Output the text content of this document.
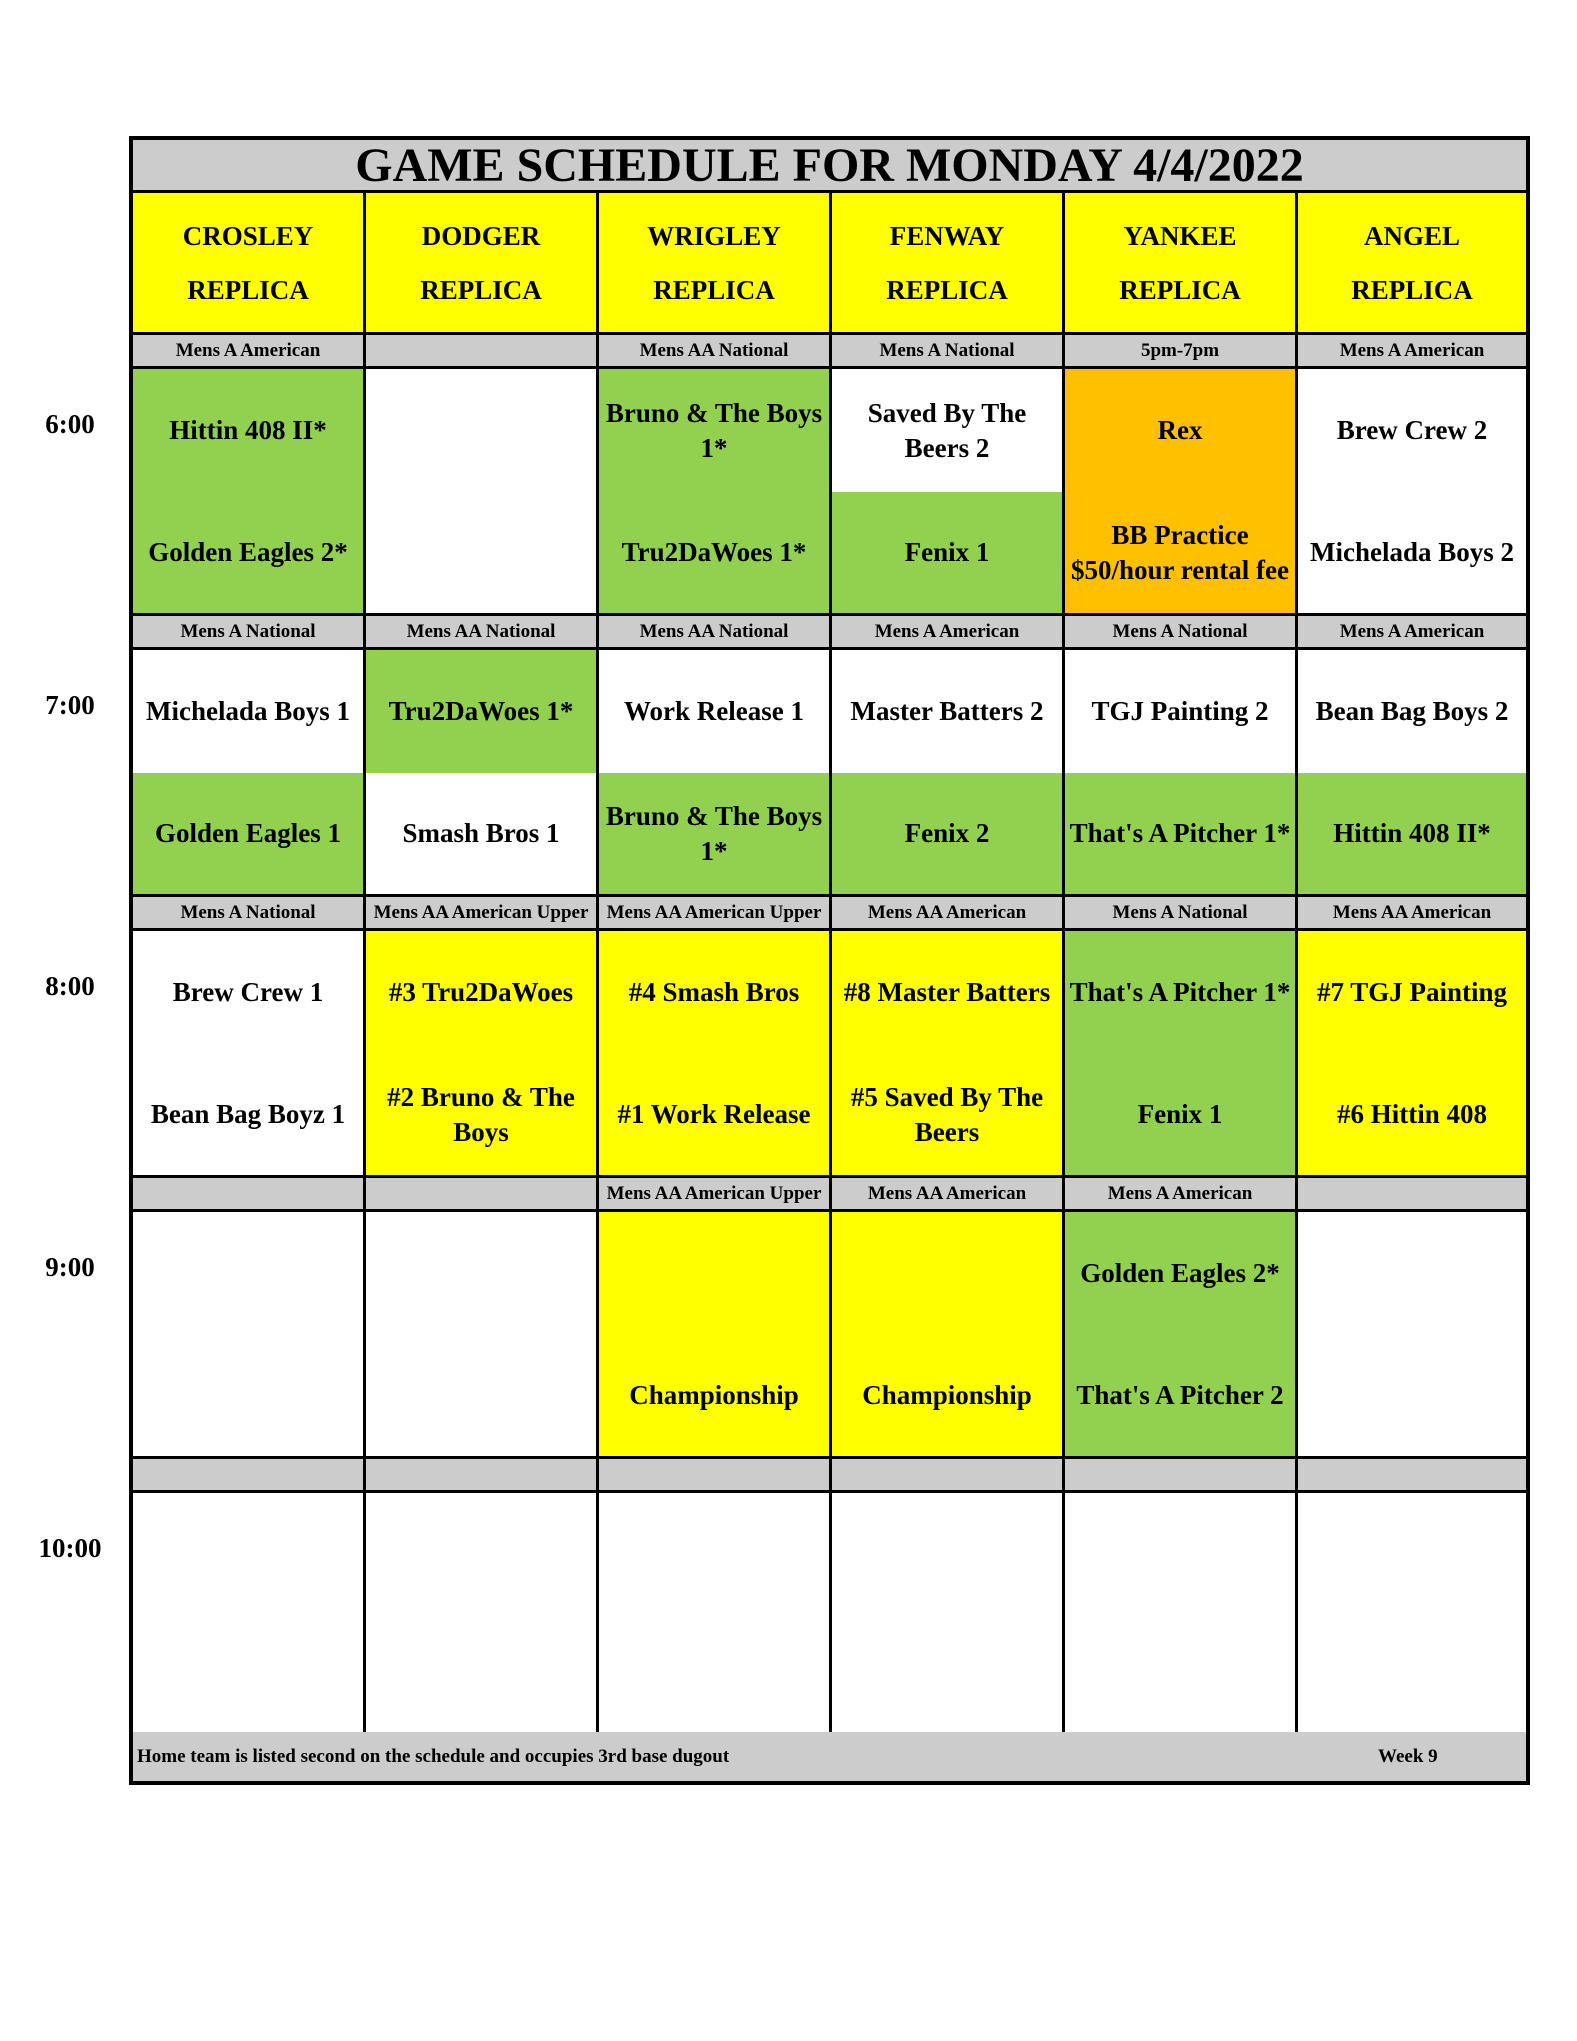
GAME SCHEDULE FOR MONDAY 4/4/2022
CROSLEY
REPLICA
DODGER
REPLICA
WRIGLEY
REPLICA
FENWAY
REPLICA
YANKEE
REPLICA
ANGEL
REPLICA
Mens A American
Hittin 408 II*
Golden Eagles 2*
Mens AA National
Bruno & The Boys 1*
Tru2DaWoes 1*
Mens A National
Saved By The Beers 2
Fenix 1
5pm-7pm
Rex
BB Practice $50/hour rental fee
Mens A American
Brew Crew 2
Michelada Boys 2
Mens A National
Michelada Boys 1
Golden Eagles 1
Mens AA National
Tru2DaWoes 1*
Smash Bros 1
Mens AA National
Work Release 1
Bruno & The Boys 1*
Mens A American
Master Batters 2
Fenix 2
Mens A National
TGJ Painting 2
That's A Pitcher 1*
Mens A American
Bean Bag Boys 2
Hittin 408 II*
Mens A National
Brew Crew 1
Bean Bag Boyz 1
Mens AA American Upper
#3 Tru2DaWoes
#2 Bruno & The Boys
Mens AA American Upper
#4 Smash Bros
#1 Work Release
Mens AA American
#8 Master Batters
#5 Saved By The Beers
Mens A National
That's A Pitcher 1*
Fenix 1
Mens AA American
#7 TGJ Painting
#6 Hittin 408
Mens AA American Upper
Championship
Mens AA American
Championship
Mens A American
Golden Eagles 2*
That's A Pitcher 2
Home team is listed second on the schedule and occupies 3rd base dugout	Week 9
6:00
7:00
8:00
9:00
10:00
